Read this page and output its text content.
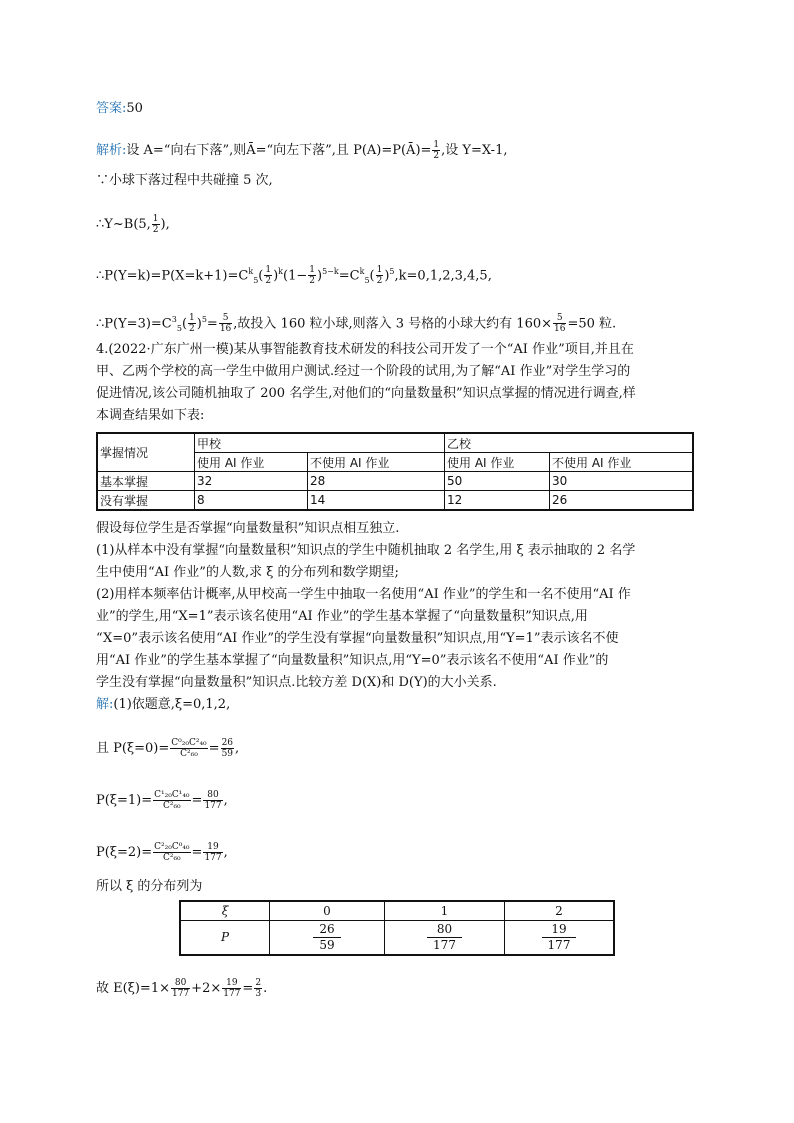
答案:50
解析:设 A=“向右下落”,则Ā=“向左下落”,且 P(A)=P(Ā)= $\frac{1}{2}$ ,设 Y=X-1,
∵小球下落过程中共碰撞 5 次,
∴Y~B(5, $\frac{1}{2}$ ),
$\therefore P(Y=k)=P(X=k+1)=C^k_5( \frac{1}{2} )^k(1- \frac{1}{2} )^{5-k}=C^k_5( \frac{1}{2} )^5,k=0,1,2,3,4,5$,
$\therefore P(Y=3)=C^3_5( \frac{1}{2} )^5= \frac{5}{16}$ ,故投入 160 粒小球,则落入 3 号格的小球大约有 $160\times \frac{5}{16} =50$ 粒.
4.(2022·广东广州一模)某从事智能教育技术研发的科技公司开发了一个“AI 作业”项目,并且在
甲、乙两个学校的高一学生中做用户测试.经过一个阶段的试用,为了解“AI 作业”对学生学习的
促进情况,该公司随机抽取了 200 名学生,对他们的“向量数量积”知识点掌握的情况进行调查,样
本调查结果如下表:
掌握情况	甲校		乙校	
	使用 AI 作业	不使用 AI 作业	使用 AI 作业	不使用 AI 作业
基本掌握	32	28	50	30
没有掌握	8	14	12	26
假设每位学生是否掌握“向量数量积”知识点相互独立.
(1)从样本中没有掌握“向量数量积”知识点的学生中随机抽取 2 名学生,用 ξ 表示抽取的 2 名学
生中使用“AI 作业”的人数,求 ξ 的分布列和数学期望;
(2)用样本频率估计概率,从甲校高一学生中抽取一名使用“AI 作业”的学生和一名不使用“AI 作
业”的学生,用“X=1”表示该名使用“AI 作业”的学生基本掌握了“向量数量积”知识点,用
“X=0”表示该名使用“AI 作业”的学生没有掌握“向量数量积”知识点,用“Y=1”表示该名不使
用“AI 作业”的学生基本掌握了“向量数量积”知识点,用“Y=0”表示该名不使用“AI 作业”的
学生没有掌握“向量数量积”知识点.比较方差 D(X)和 D(Y)的大小关系.
解:(1)依题意,ξ=0,1,2,
且 $P(\xi=0)= \frac{\text{C⁰₂₀C²₄₀}}{\text{C²₆₀}} = \frac{26}{59}$ ,
$P(\xi=1)= \frac{\text{C¹₂₀C¹₄₀}}{\text{C²₆₀}} = \frac{80}{177}$ ,
$P(\xi=2)= \frac{\text{C²₂₀C⁰₄₀}}{\text{C²₆₀}} = \frac{19}{177}$ ,
所以 ξ 的分布列为
ξ	0	1	2
P	$\frac{26}{59}$	$\frac{80}{177}$	$\frac{19}{177}$
故 $E(\xi)=1\times \frac{80}{177} +2\times \frac{19}{177} = \frac{2}{3}$ .
